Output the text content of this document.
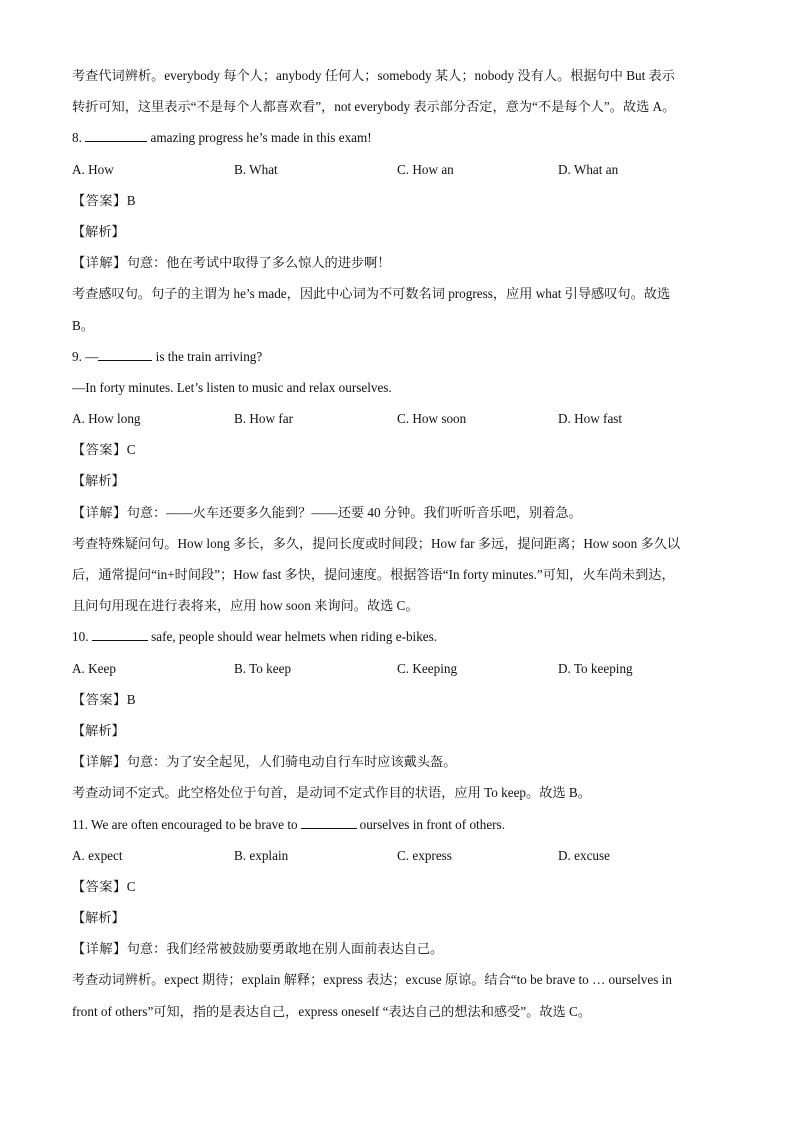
考查代词辨析。everybody 每个人；anybody 任何人；somebody 某人；nobody 没有人。根据句中 But 表示
转折可知，这里表示“不是每个人都喜欢看”，not everybody 表示部分否定，意为“不是每个人”。故选 A。
8.	amazing progress he’s made in this exam!
A. How	B. What	C. How an	D. What an
【答案】B
【解析】
【详解】句意：他在考试中取得了多么惊人的进步啊！
考查感叹句。句子的主谓为 he’s made，因此中心词为不可数名词 progress，应用 what 引导感叹句。故选
B。
9. —	is the train arriving?
—In forty minutes. Let’s listen to music and relax ourselves.
A. How long	B. How far	C. How soon	D. How fast
【答案】C
【解析】
【详解】句意：——火车还要多久能到？——还要 40 分钟。我们听听音乐吧，别着急。
考查特殊疑问句。How long 多长，多久，提问长度或时间段；How far 多远，提问距离；How soon 多久以
后，通常提问“in+时间段”；How fast 多快，提问速度。根据答语“In forty minutes.”可知，火车尚未到达，
且问句用现在进行表将来，应用 how soon 来询问。故选 C。
10.	safe, people should wear helmets when riding e-bikes.
A. Keep	B. To keep	C. Keeping	D. To keeping
【答案】B
【解析】
【详解】句意：为了安全起见，人们骑电动自行车时应该戴头盔。
考查动词不定式。此空格处位于句首，是动词不定式作目的状语，应用 To keep。故选 B。
11. We are often encouraged to be brave to	ourselves in front of others.
A. expect	B. explain	C. express	D. excuse
【答案】C
【解析】
【详解】句意：我们经常被鼓励要勇敢地在别人面前表达自己。
考查动词辨析。expect 期待；explain 解释；express 表达；excuse 原谅。结合“to be brave to … ourselves in
front of others”可知，指的是表达自己，express oneself “表达自己的想法和感受”。故选 C。
